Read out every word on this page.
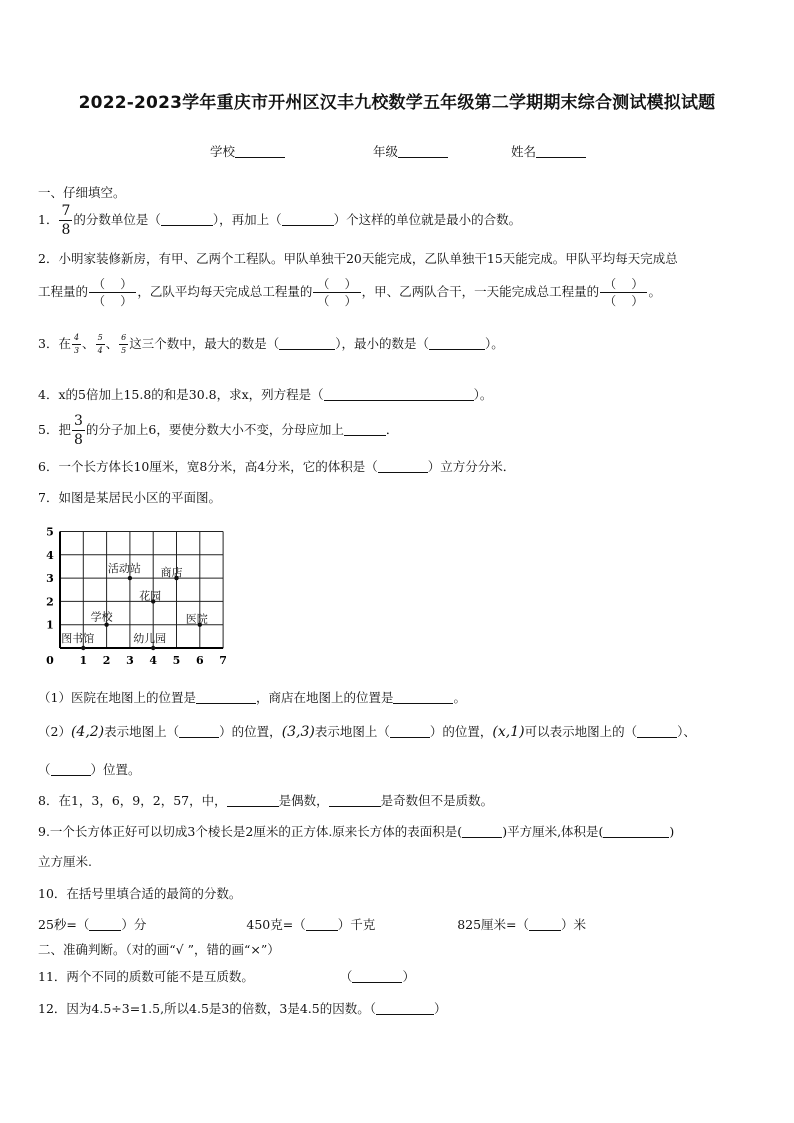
2022-2023学年重庆市开州区汉丰九校数学五年级第二学期期末综合测试模拟试题
学校	年级	姓名
一、仔细填空。
1． $\frac{7}{8}$ 的分数单位是（	），再加上（	）个这样的单位就是最小的合数。
2．小明家装修新房，有甲、乙两个工程队。甲队单独干20天能完成，乙队单独干15天能完成。甲队平均每天完成总
工程量的 $\frac{( )}{( )}$ ，乙队平均每天完成总工程量的 $\frac{( )}{( )}$ ，甲、乙两队合干，一天能完成总工程量的 $\frac{( )}{( )}$ 。
3．在 $\frac{4}{3}$ 、 $\frac{5}{4}$ 、 $\frac{6}{5}$ 这三个数中，最大的数是（	），最小的数是（	）。
4．x的5倍加上15.8的和是30.8，求x，列方程是（	）。
5．把 $\frac{3}{8}$ 的分子加上6，要使分数大小不变，分母应加上	．
6．一个长方体长10厘米，宽8分米，高4分米，它的体积是（	）立方分分米．
7．如图是某居民小区的平面图。
0 1 2 3 4 5 6 7
1
2
3
4
5
活动站 商店
花园
学校	医院
图书馆	幼儿园
（1）医院在地图上的位置是	，商店在地图上的位置是	。
（2）(4,2)表示地图上（	）的位置，(3,3)表示地图上（	）的位置，(x,1)可以表示地图上的（	）、
（	）位置。
8．在1，3，6，9，2，57，中，	是偶数，	是奇数但不是质数。
9.一个长方体正好可以切成3个棱长是2厘米的正方体.原来长方体的表面积是(	)平方厘米,体积是(	)
立方厘米.
10．在括号里填合适的最简的分数。
25秒=（	）分	450克=（	）千克	825厘米=（	）米
二、准确判断。（对的画“√ ”，错的画“×”）
11．两个不同的质数可能不是互质数。	（	）
12．因为4.5÷3=1.5,所以4.5是3的倍数，3是4.5的因数。（	）
